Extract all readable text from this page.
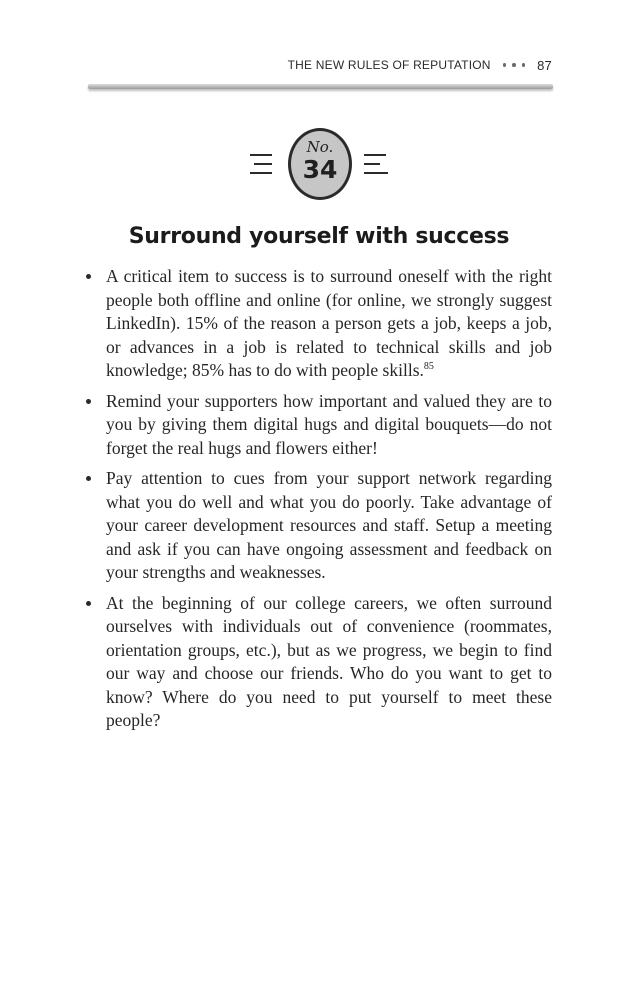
THE NEW RULES OF REPUTATION	87
No.
34
Surround yourself with success
A critical item to success is to surround oneself with the right people both offline and online (for online, we strongly suggest LinkedIn). 15% of the reason a person gets a job, keeps a job, or advances in a job is related to technical skills and job knowledge; 85% has to do with people skills.$^{85}$
Remind your supporters how important and valued they are to you by giving them digital hugs and digital bouquets—do not forget the real hugs and flowers either!
Pay attention to cues from your support network regarding what you do well and what you do poorly. Take advantage of your career development resources and staff. Setup a meeting and ask if you can have ongoing assessment and feedback on your strengths and weaknesses.
At the beginning of our college careers, we often surround ourselves with individuals out of convenience (roommates, orientation groups, etc.), but as we progress, we begin to find our way and choose our friends. Who do you want to get to know? Where do you need to put yourself to meet these people?
